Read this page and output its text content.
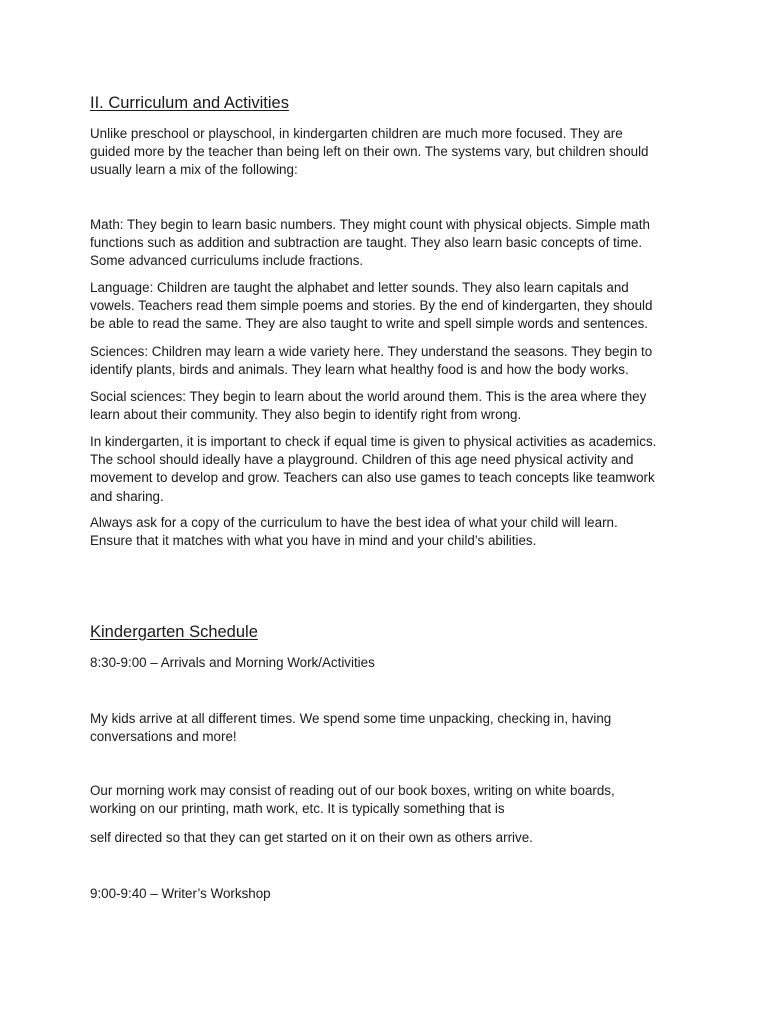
II. Curriculum and Activities

Unlike preschool or playschool, in kindergarten children are much more focused. They are
guided more by the teacher than being left on their own. The systems vary, but children should
usually learn a mix of the following:

Math: They begin to learn basic numbers. They might count with physical objects. Simple math
functions such as addition and subtraction are taught. They also learn basic concepts of time.
Some advanced curriculums include fractions.

Language: Children are taught the alphabet and letter sounds. They also learn capitals and
vowels. Teachers read them simple poems and stories. By the end of kindergarten, they should
be able to read the same. They are also taught to write and spell simple words and sentences.

Sciences: Children may learn a wide variety here. They understand the seasons. They begin to
identify plants, birds and animals. They learn what healthy food is and how the body works.

Social sciences: They begin to learn about the world around them. This is the area where they
learn about their community. They also begin to identify right from wrong.

In kindergarten, it is important to check if equal time is given to physical activities as academics.
The school should ideally have a playground. Children of this age need physical activity and
movement to develop and grow. Teachers can also use games to teach concepts like teamwork
and sharing.

Always ask for a copy of the curriculum to have the best idea of what your child will learn.
Ensure that it matches with what you have in mind and your child’s abilities.

Kindergarten Schedule

8:30-9:00 – Arrivals and Morning Work/Activities

My kids arrive at all different times. We spend some time unpacking, checking in, having
conversations and more!

Our morning work may consist of reading out of our book boxes, writing on white boards,
working on our printing, math work, etc. It is typically something that is

self directed so that they can get started on it on their own as others arrive.

9:00-9:40 – Writer’s Workshop
